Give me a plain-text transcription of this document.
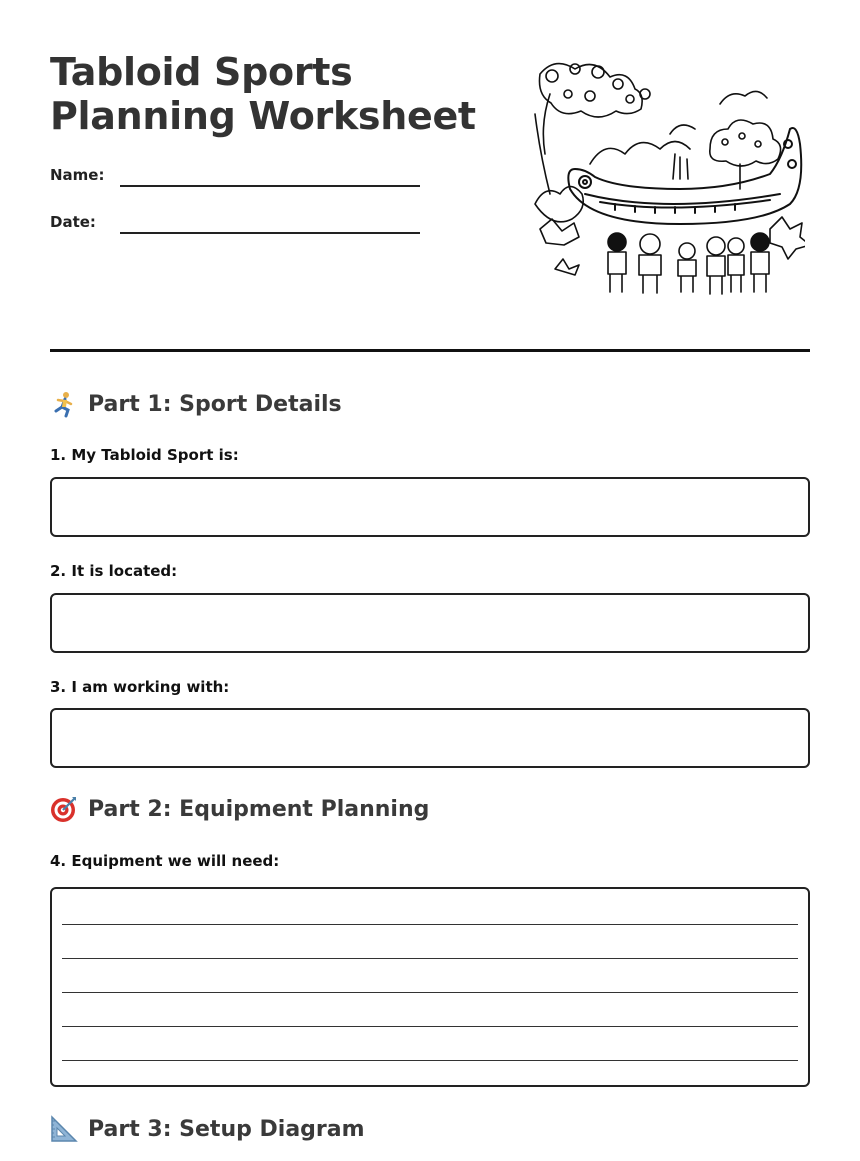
Tabloid Sports Planning Worksheet
Name:
Date:
Part 1: Sport Details
1. My Tabloid Sport is:
2. It is located:
3. I am working with:
Part 2: Equipment Planning
4. Equipment we will need:
Part 3: Setup Diagram
